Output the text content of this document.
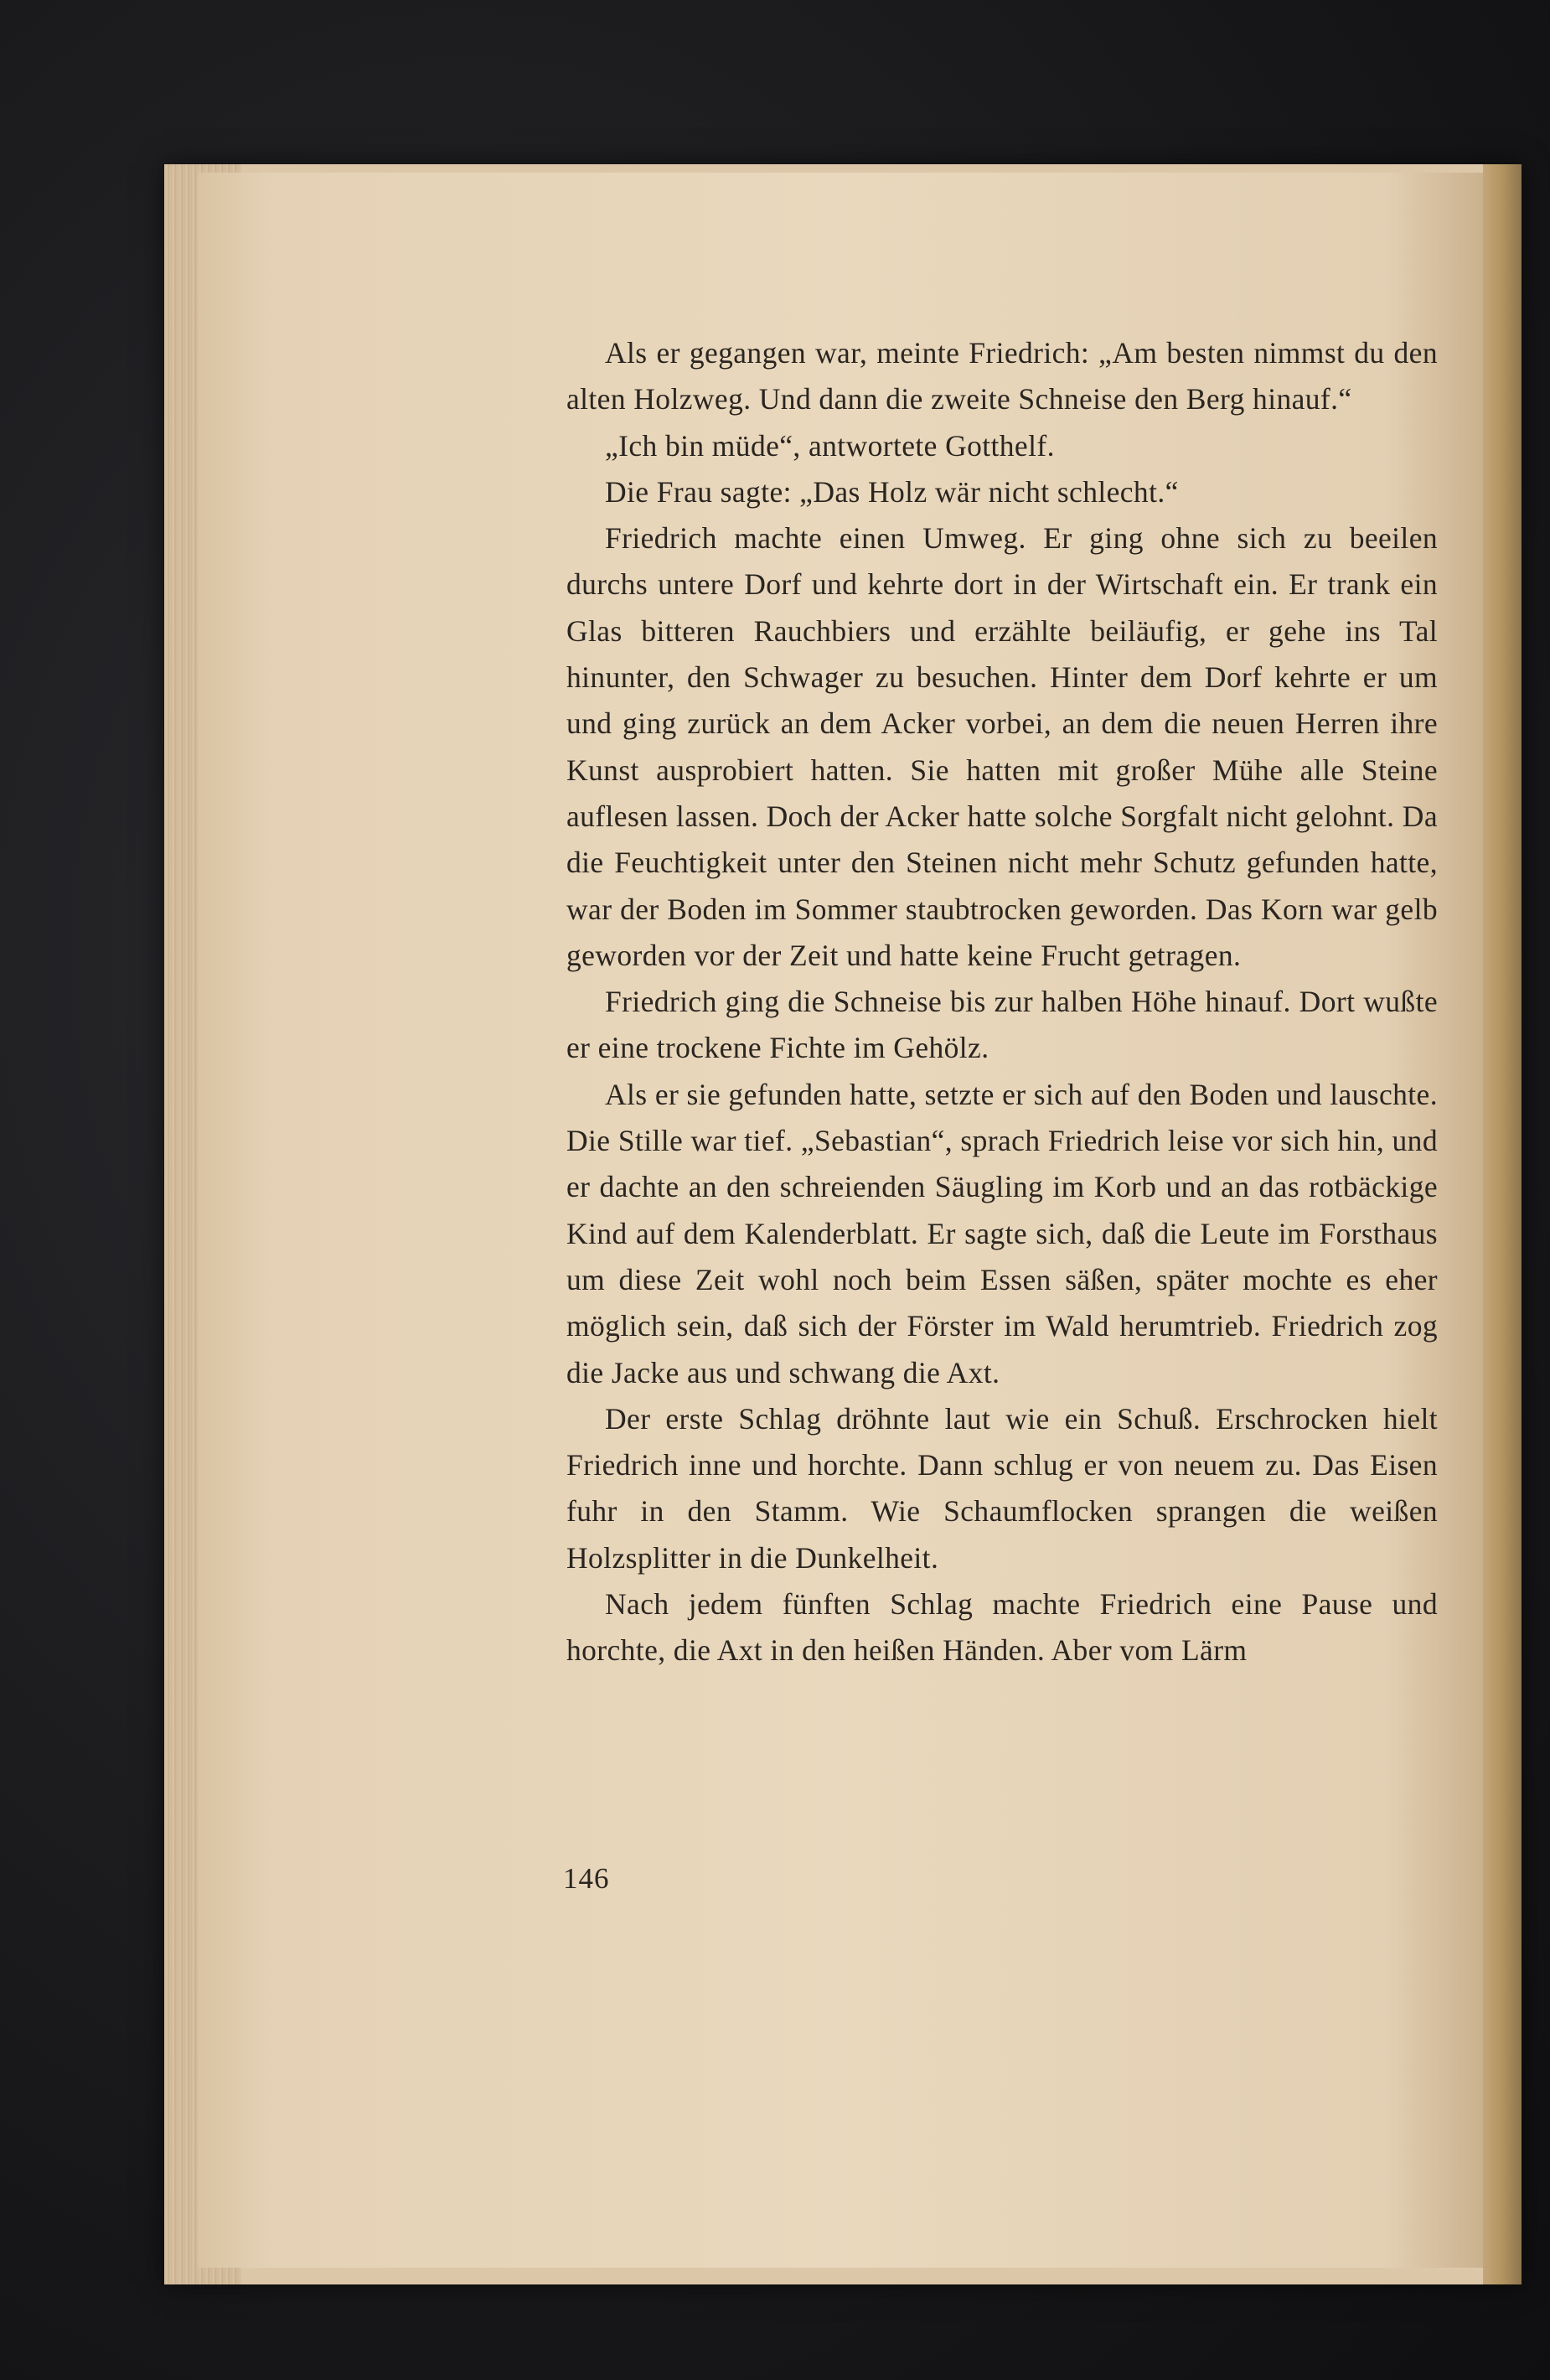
Als er gegangen war, meinte Friedrich: „Am besten nimmst du den alten Holzweg. Und dann die zweite Schneise den Berg hinauf.“

„Ich bin müde“, antwortete Gotthelf.

Die Frau sagte: „Das Holz wär nicht schlecht.“

Friedrich machte einen Umweg. Er ging ohne sich zu beeilen durchs untere Dorf und kehrte dort in der Wirtschaft ein. Er trank ein Glas bitteren Rauchbiers und erzählte beiläufig, er gehe ins Tal hinunter, den Schwager zu besuchen. Hinter dem Dorf kehrte er um und ging zurück an dem Acker vorbei, an dem die neuen Herren ihre Kunst ausprobiert hatten. Sie hatten mit großer Mühe alle Steine auflesen lassen. Doch der Acker hatte solche Sorgfalt nicht gelohnt. Da die Feuchtigkeit unter den Steinen nicht mehr Schutz gefunden hatte, war der Boden im Sommer staubtrocken geworden. Das Korn war gelb geworden vor der Zeit und hatte keine Frucht getragen.

Friedrich ging die Schneise bis zur halben Höhe hinauf. Dort wußte er eine trockene Fichte im Gehölz.

Als er sie gefunden hatte, setzte er sich auf den Boden und lauschte. Die Stille war tief. „Sebastian“, sprach Friedrich leise vor sich hin, und er dachte an den schreienden Säugling im Korb und an das rotbäckige Kind auf dem Kalenderblatt. Er sagte sich, daß die Leute im Forsthaus um diese Zeit wohl noch beim Essen säßen, später mochte es eher möglich sein, daß sich der Förster im Wald herumtrieb. Friedrich zog die Jacke aus und schwang die Axt.

Der erste Schlag dröhnte laut wie ein Schuß. Erschrocken hielt Friedrich inne und horchte. Dann schlug er von neuem zu. Das Eisen fuhr in den Stamm. Wie Schaumflocken sprangen die weißen Holzsplitter in die Dunkelheit.

Nach jedem fünften Schlag machte Friedrich eine Pause und horchte, die Axt in den heißen Händen. Aber vom Lärm

146
